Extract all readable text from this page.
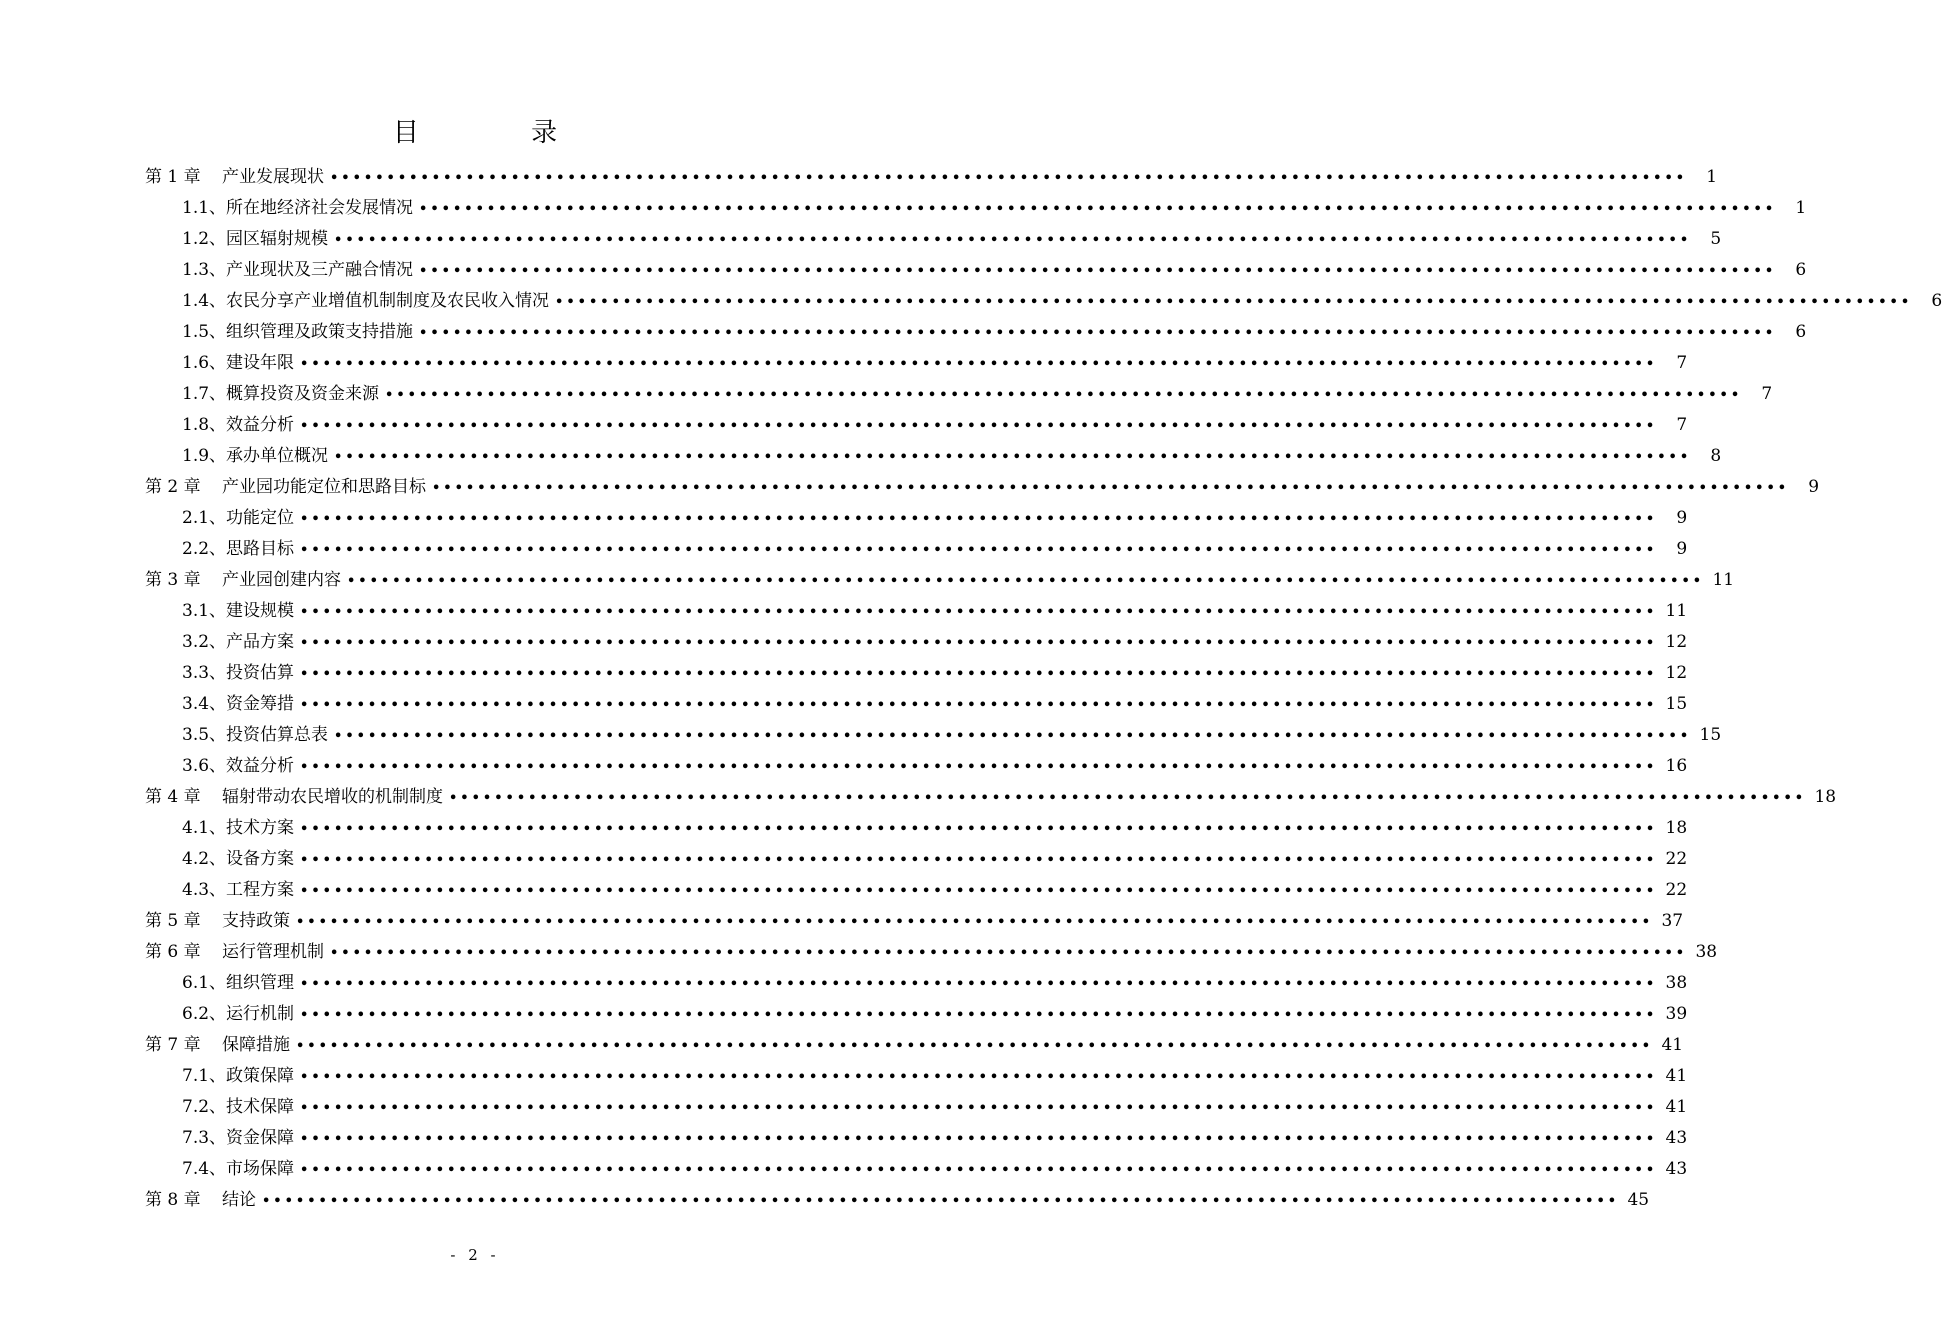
目 录
第 1 章	产业发展现状 ••••••••••••••••••••••••••••••••••••••••••••••••••••••••••••••••••••••••••••••••••••••••••••••••••••••••••••••••••••••••	1
1.1、 所在地经济社会发展情况 ••••••••••••••••••••••••••••••••••••••••••••••••••••••••••••••••••••••••••••••••••••••••••••••••••••••••••••••••••••••••	1
1.2、 园区辐射规模 ••••••••••••••••••••••••••••••••••••••••••••••••••••••••••••••••••••••••••••••••••••••••••••••••••••••••••••••••••••••••	5
1.3、 产业现状及三产融合情况 ••••••••••••••••••••••••••••••••••••••••••••••••••••••••••••••••••••••••••••••••••••••••••••••••••••••••••••••••••••••••	6
1.4、 农民分享产业增值机制制度及农民收入情况 ••••••••••••••••••••••••••••••••••••••••••••••••••••••••••••••••••••••••••••••••••••••••••••••••••••••••••••••••••••••••	6
1.5、 组织管理及政策支持措施 ••••••••••••••••••••••••••••••••••••••••••••••••••••••••••••••••••••••••••••••••••••••••••••••••••••••••••••••••••••••••	6
1.6、 建设年限 ••••••••••••••••••••••••••••••••••••••••••••••••••••••••••••••••••••••••••••••••••••••••••••••••••••••••••••••••••••••••	7
1.7、 概算投资及资金来源 ••••••••••••••••••••••••••••••••••••••••••••••••••••••••••••••••••••••••••••••••••••••••••••••••••••••••••••••••••••••••	7
1.8、 效益分析 ••••••••••••••••••••••••••••••••••••••••••••••••••••••••••••••••••••••••••••••••••••••••••••••••••••••••••••••••••••••••	7
1.9、 承办单位概况 ••••••••••••••••••••••••••••••••••••••••••••••••••••••••••••••••••••••••••••••••••••••••••••••••••••••••••••••••••••••••	8
第 2 章	产业园功能定位和思路目标 ••••••••••••••••••••••••••••••••••••••••••••••••••••••••••••••••••••••••••••••••••••••••••••••••••••••••••••••••••••••••	9
2.1、 功能定位 ••••••••••••••••••••••••••••••••••••••••••••••••••••••••••••••••••••••••••••••••••••••••••••••••••••••••••••••••••••••••	9
2.2、 思路目标 ••••••••••••••••••••••••••••••••••••••••••••••••••••••••••••••••••••••••••••••••••••••••••••••••••••••••••••••••••••••••	9
第 3 章	产业园创建内容 •••••••••••••••••••••••••••••••••••••••••••••••••••••••••••••••••••••••••••••••••••••••••••••••••••••••••••••••••••••••• 11
3.1、 建设规模 •••••••••••••••••••••••••••••••••••••••••••••••••••••••••••••••••••••••••••••••••••••••••••••••••••••••••••••••••••••••• 11
3.2、 产品方案 •••••••••••••••••••••••••••••••••••••••••••••••••••••••••••••••••••••••••••••••••••••••••••••••••••••••••••••••••••••••• 12
3.3、 投资估算 •••••••••••••••••••••••••••••••••••••••••••••••••••••••••••••••••••••••••••••••••••••••••••••••••••••••••••••••••••••••• 12
3.4、 资金筹措 •••••••••••••••••••••••••••••••••••••••••••••••••••••••••••••••••••••••••••••••••••••••••••••••••••••••••••••••••••••••• 15
3.5、 投资估算总表 •••••••••••••••••••••••••••••••••••••••••••••••••••••••••••••••••••••••••••••••••••••••••••••••••••••••••••••••••••••••• 15
3.6、 效益分析 •••••••••••••••••••••••••••••••••••••••••••••••••••••••••••••••••••••••••••••••••••••••••••••••••••••••••••••••••••••••• 16
第 4 章	辐射带动农民增收的机制制度 •••••••••••••••••••••••••••••••••••••••••••••••••••••••••••••••••••••••••••••••••••••••••••••••••••••••••••••••••••••••• 18
4.1、 技术方案 •••••••••••••••••••••••••••••••••••••••••••••••••••••••••••••••••••••••••••••••••••••••••••••••••••••••••••••••••••••••• 18
4.2、 设备方案 •••••••••••••••••••••••••••••••••••••••••••••••••••••••••••••••••••••••••••••••••••••••••••••••••••••••••••••••••••••••• 22
4.3、 工程方案 •••••••••••••••••••••••••••••••••••••••••••••••••••••••••••••••••••••••••••••••••••••••••••••••••••••••••••••••••••••••• 22
第 5 章	支持政策 •••••••••••••••••••••••••••••••••••••••••••••••••••••••••••••••••••••••••••••••••••••••••••••••••••••••••••••••••••••••• 37
第 6 章	运行管理机制 •••••••••••••••••••••••••••••••••••••••••••••••••••••••••••••••••••••••••••••••••••••••••••••••••••••••••••••••••••••••• 38
6.1、 组织管理 •••••••••••••••••••••••••••••••••••••••••••••••••••••••••••••••••••••••••••••••••••••••••••••••••••••••••••••••••••••••• 38
6.2、 运行机制 •••••••••••••••••••••••••••••••••••••••••••••••••••••••••••••••••••••••••••••••••••••••••••••••••••••••••••••••••••••••• 39
第 7 章	保障措施 •••••••••••••••••••••••••••••••••••••••••••••••••••••••••••••••••••••••••••••••••••••••••••••••••••••••••••••••••••••••• 41
7.1、 政策保障 •••••••••••••••••••••••••••••••••••••••••••••••••••••••••••••••••••••••••••••••••••••••••••••••••••••••••••••••••••••••• 41
7.2、 技术保障 •••••••••••••••••••••••••••••••••••••••••••••••••••••••••••••••••••••••••••••••••••••••••••••••••••••••••••••••••••••••• 41
7.3、 资金保障 •••••••••••••••••••••••••••••••••••••••••••••••••••••••••••••••••••••••••••••••••••••••••••••••••••••••••••••••••••••••• 43
7.4、 市场保障 •••••••••••••••••••••••••••••••••••••••••••••••••••••••••••••••••••••••••••••••••••••••••••••••••••••••••••••••••••••••• 43
第 8 章	结论 •••••••••••••••••••••••••••••••••••••••••••••••••••••••••••••••••••••••••••••••••••••••••••••••••••••••••••••••••••••••• 45
- 2 -
